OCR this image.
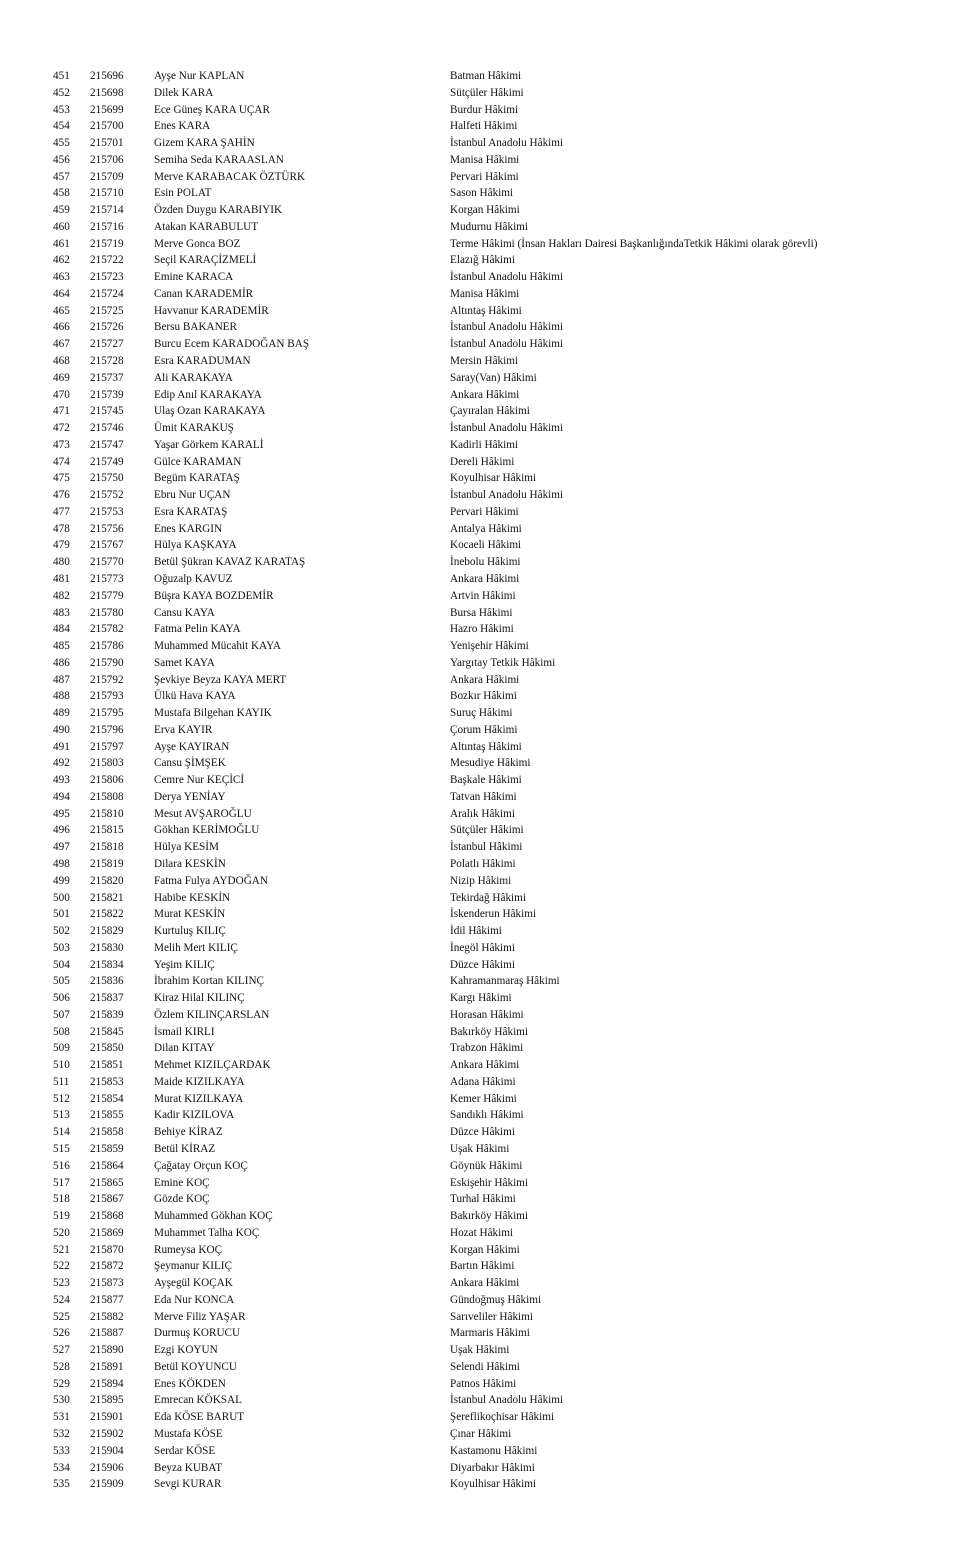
451 215696	Ayşe Nur KAPLAN	Batman Hâkimi
452 215698	Dilek KARA	Sütçüler Hâkimi
453 215699	Ece Güneş KARA UÇAR	Burdur Hâkimi
454 215700	Enes KARA	Halfeti Hâkimi
455 215701	Gizem KARA ŞAHİN	İstanbul Anadolu Hâkimi
456 215706	Semiha Seda KARAASLAN	Manisa Hâkimi
457 215709	Merve KARABACAK ÖZTÜRK	Pervari Hâkimi
458 215710	Esin POLAT	Sason Hâkimi
459 215714	Özden Duygu KARABIYIK	Korgan Hâkimi
460 215716	Atakan KARABULUT	Mudurnu Hâkimi
461 215719	Merve Gonca BOZ	Terme Hâkimi (İnsan Hakları Dairesi BaşkanlığındaTetkik Hâkimi olarak görevli)
462 215722	Seçil KARAÇİZMELİ	Elazığ Hâkimi
463 215723	Emine KARACA	İstanbul Anadolu Hâkimi
464 215724	Canan KARADEMİR	Manisa Hâkimi
465 215725	Havvanur KARADEMİR	Altıntaş Hâkimi
466 215726	Bersu BAKANER	İstanbul Anadolu Hâkimi
467 215727	Burcu Ecem KARADOĞAN BAŞ	İstanbul Anadolu Hâkimi
468 215728	Esra KARADUMAN	Mersin Hâkimi
469 215737	Ali KARAKAYA	Saray(Van) Hâkimi
470 215739	Edip Anıl KARAKAYA	Ankara Hâkimi
471 215745	Ulaş Ozan KARAKAYA	Çayıralan Hâkimi
472 215746	Ümit KARAKUŞ	İstanbul Anadolu Hâkimi
473 215747	Yaşar Görkem KARALİ	Kadirli Hâkimi
474 215749	Gülce KARAMAN	Dereli Hâkimi
475 215750	Begüm KARATAŞ	Koyulhisar Hâkimi
476 215752	Ebru Nur UÇAN	İstanbul Anadolu Hâkimi
477 215753	Esra KARATAŞ	Pervari Hâkimi
478 215756	Enes KARGIN	Antalya Hâkimi
479 215767	Hülya KAŞKAYA	Kocaeli Hâkimi
480 215770	Betül Şükran KAVAZ KARATAŞ	İnebolu Hâkimi
481 215773	Oğuzalp KAVUZ	Ankara Hâkimi
482 215779	Büşra KAYA BOZDEMİR	Artvin Hâkimi
483 215780	Cansu KAYA	Bursa Hâkimi
484 215782	Fatma Pelin KAYA	Hazro Hâkimi
485 215786	Muhammed Mücahit KAYA	Yenişehir Hâkimi
486 215790	Samet KAYA	Yargıtay Tetkik Hâkimi
487 215792	Şevkiye Beyza KAYA MERT	Ankara Hâkimi
488 215793	Ülkü Hava KAYA	Bozkır Hâkimi
489 215795	Mustafa Bilgehan KAYIK	Suruç Hâkimi
490 215796	Erva KAYIR	Çorum Hâkimi
491 215797	Ayşe KAYIRAN	Altıntaş Hâkimi
492 215803	Cansu ŞİMŞEK	Mesudiye Hâkimi
493 215806	Cemre Nur KEÇİCİ	Başkale Hâkimi
494 215808	Derya YENİAY	Tatvan Hâkimi
495 215810	Mesut AVŞAROĞLU	Aralık Hâkimi
496 215815	Gökhan KERİMOĞLU	Sütçüler Hâkimi
497 215818	Hülya KESİM	İstanbul Hâkimi
498 215819	Dilara KESKİN	Polatlı Hâkimi
499 215820	Fatma Fulya AYDOĞAN	Nizip Hâkimi
500 215821	Habibe KESKİN	Tekirdağ Hâkimi
501 215822	Murat KESKİN	İskenderun Hâkimi
502 215829	Kurtuluş KILIÇ	İdil Hâkimi
503 215830	Melih Mert KILIÇ	İnegöl Hâkimi
504 215834	Yeşim KILIÇ	Düzce Hâkimi
505 215836	İbrahim Kortan KILINÇ	Kahramanmaraş Hâkimi
506 215837	Kiraz Hilal KILINÇ	Kargı Hâkimi
507 215839	Özlem KILINÇARSLAN	Horasan Hâkimi
508 215845	İsmail KIRLI	Bakırköy Hâkimi
509 215850	Dilan KITAY	Trabzon Hâkimi
510 215851	Mehmet KIZILÇARDAK	Ankara Hâkimi
511 215853	Maide KIZILKAYA	Adana Hâkimi
512 215854	Murat KIZILKAYA	Kemer Hâkimi
513 215855	Kadir KIZILOVA	Sandıklı Hâkimi
514 215858	Behiye KİRAZ	Düzce Hâkimi
515 215859	Betül KİRAZ	Uşak Hâkimi
516 215864	Çağatay Orçun KOÇ	Göynük Hâkimi
517 215865	Emine KOÇ	Eskişehir Hâkimi
518 215867	Gözde KOÇ	Turhal Hâkimi
519 215868	Muhammed Gökhan KOÇ	Bakırköy Hâkimi
520 215869	Muhammet Talha KOÇ	Hozat Hâkimi
521 215870	Rumeysa KOÇ	Korgan Hâkimi
522 215872	Şeymanur KILIÇ	Bartın Hâkimi
523 215873	Ayşegül KOÇAK	Ankara Hâkimi
524 215877	Eda Nur KONCA	Gündoğmuş Hâkimi
525 215882	Merve Filiz YAŞAR	Sarıveliler Hâkimi
526 215887	Durmuş KORUCU	Marmaris Hâkimi
527 215890	Ezgi KOYUN	Uşak Hâkimi
528 215891	Betül KOYUNCU	Selendi Hâkimi
529 215894	Enes KÖKDEN	Patnos Hâkimi
530 215895	Emrecan KÖKSAL	İstanbul Anadolu Hâkimi
531 215901	Eda KÖSE BARUT	Şereflikoçhisar Hâkimi
532 215902	Mustafa KÖSE	Çınar Hâkimi
533 215904	Serdar KÖSE	Kastamonu Hâkimi
534 215906	Beyza KUBAT	Diyarbakır Hâkimi
535 215909	Sevgi KURAR	Koyulhisar Hâkimi
